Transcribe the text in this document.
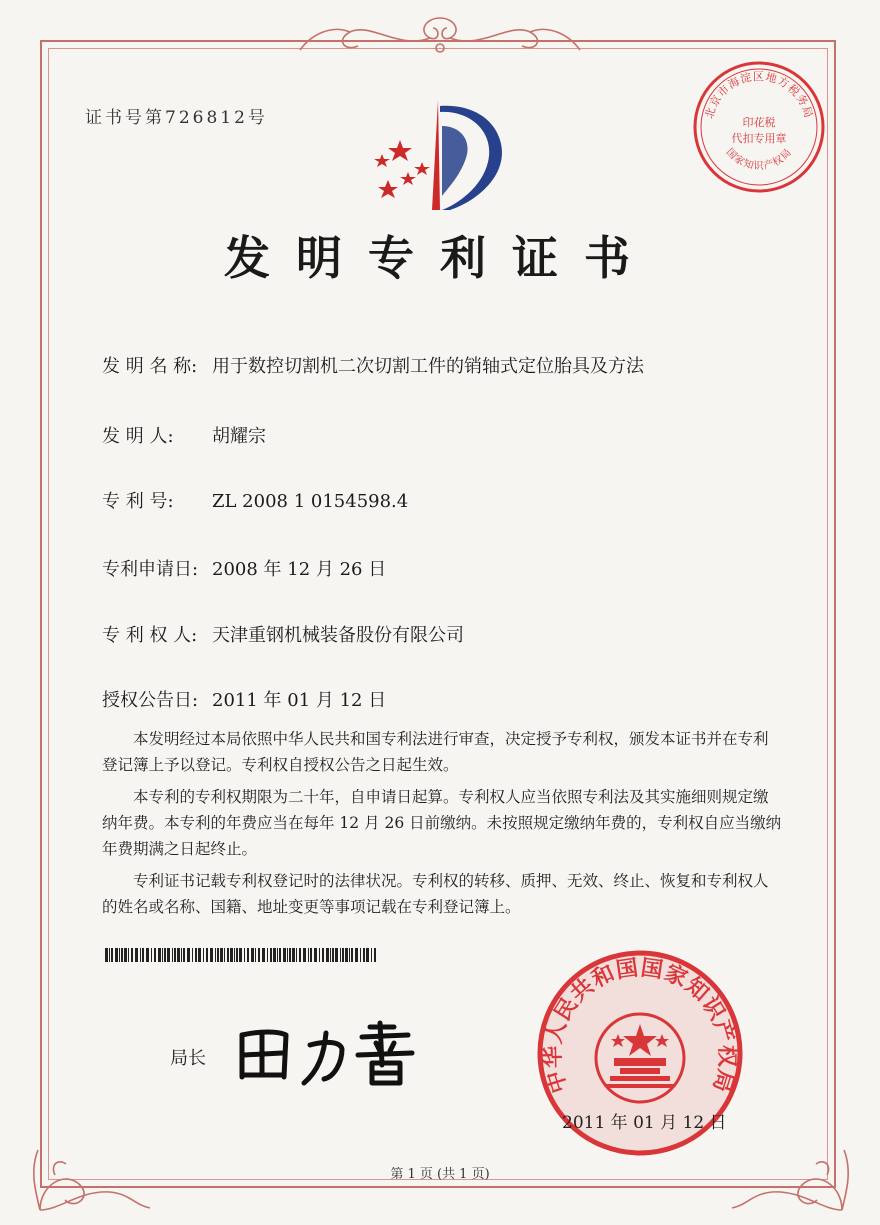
证书号第726812号	北京市海淀区地方税务局
印花税
代扣专用章
国家知识产权局
发明专利证书
发 明 名 称: 用于数控切割机二次切割工件的销轴式定位胎具及方法
发 明 人: 胡耀宗
专 利 号: ZL 2008 1 0154598.4
专利申请日: 2008 年 12 月 26 日
专 利 权 人: 天津重钢机械装备股份有限公司
授权公告日: 2011 年 01 月 12 日

本发明经过本局依照中华人民共和国专利法进行审查，决定授予专利权，颁发本证书并在专利登记簿上予以登记。专利权自授权公告之日起生效。

本专利的专利权期限为二十年，自申请日起算。专利权人应当依照专利法及其实施细则规定缴纳年费。本专利的年费应当在每年 12 月 26 日前缴纳。未按照规定缴纳年费的，专利权自应当缴纳年费期满之日起终止。

专利证书记载专利权登记时的法律状况。专利权的转移、质押、无效、终止、恢复和专利权人的姓名或名称、国籍、地址变更等事项记载在专利登记簿上。

局长
中华人民共和国国家知识产权局
2011 年 01 月 12 日
第 1 页 (共 1 页)
